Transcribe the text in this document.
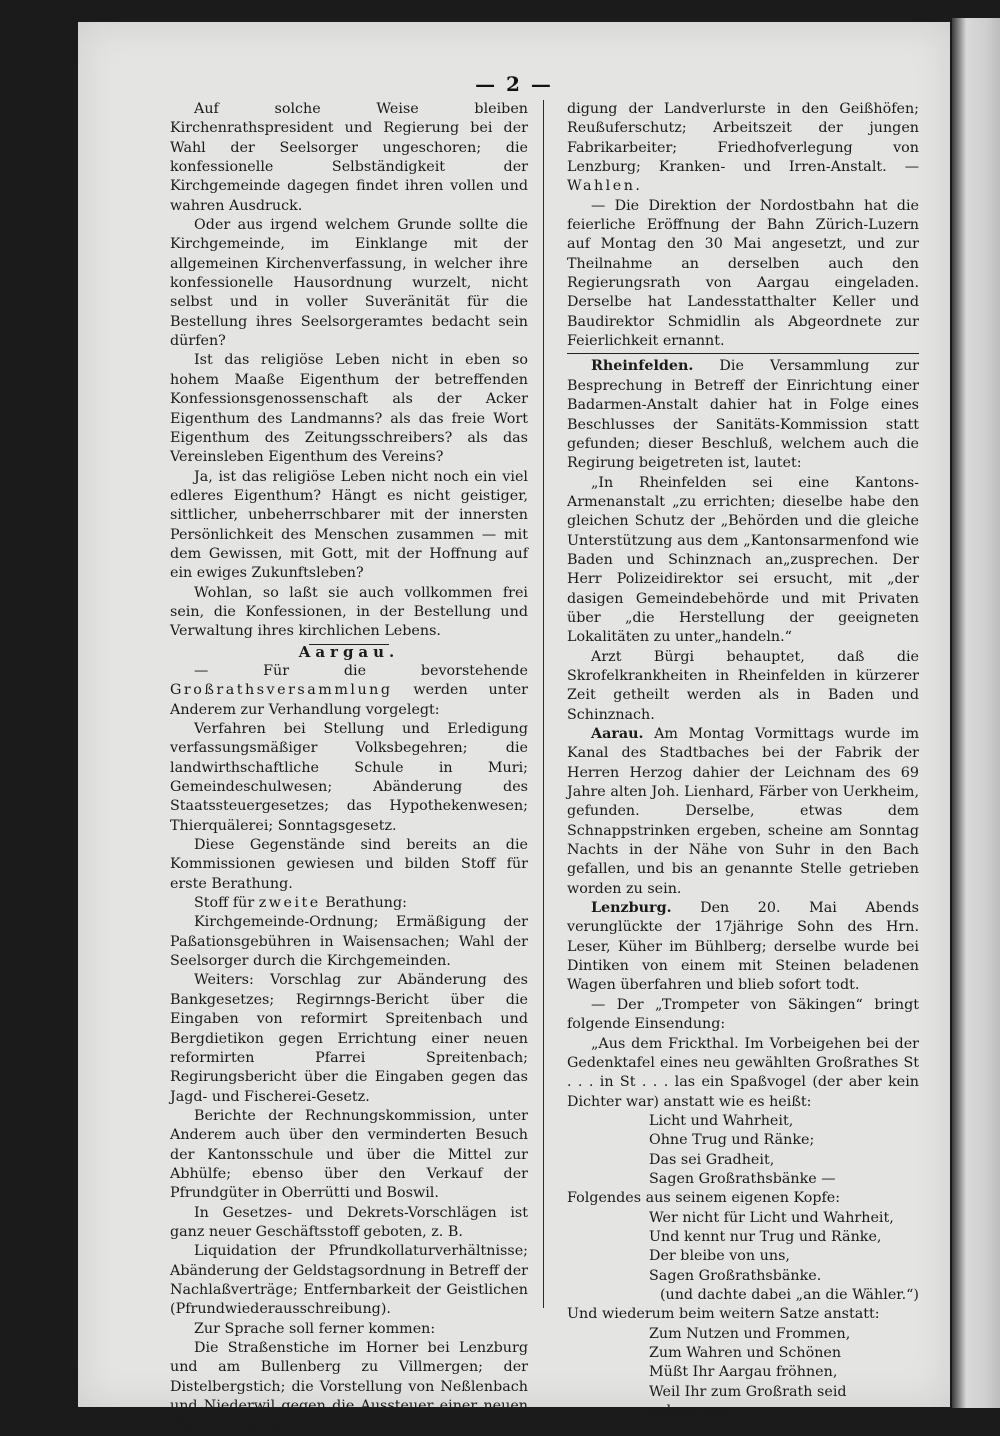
— 2 —

Auf solche Weise bleiben Kirchenrathspresident und Regierung bei der Wahl der Seelsorger ungeschoren; die konfessionelle Selbständigkeit der Kirchgemeinde dagegen findet ihren vollen und wahren Ausdruck.

Oder aus irgend welchem Grunde sollte die Kirchgemeinde, im Einklange mit der allgemeinen Kirchenverfassung, in welcher ihre konfessionelle Hausordnung wurzelt, nicht selbst und in voller Suveränität für die Bestellung ihres Seelsorgeramtes bedacht sein dürfen?

Ist das religiöse Leben nicht in eben so hohem Maaße Eigenthum der betreffenden Konfessionsgenossenschaft als der Acker Eigenthum des Landmanns? als das freie Wort Eigenthum des Zeitungsschreibers? als das Vereinsleben Eigenthum des Vereins?

Ja, ist das religiöse Leben nicht noch ein viel edleres Eigenthum? Hängt es nicht geistiger, sittlicher, unbeherrschbarer mit der innersten Persönlichkeit des Menschen zusammen — mit dem Gewissen, mit Gott, mit der Hoffnung auf ein ewiges Zukunftsleben?

Wohlan, so laßt sie auch vollkommen frei sein, die Konfessionen, in der Bestellung und Verwaltung ihres kirchlichen Lebens.

Aargau.

— Für die bevorstehende Großrathsversammlung werden unter Anderem zur Verhandlung vorgelegt:

Verfahren bei Stellung und Erledigung verfassungsmäßiger Volksbegehren; die landwirthschaftliche Schule in Muri; Gemeindeschulwesen; Abänderung des Staatssteuergesetzes; das Hypothekenwesen; Thierquälerei; Sonntagsgesetz.

Diese Gegenstände sind bereits an die Kommissionen gewiesen und bilden Stoff für erste Berathung.

Stoff für zweite Berathung:

Kirchgemeinde-Ordnung; Ermäßigung der Paßationsgebühren in Waisensachen; Wahl der Seelsorger durch die Kirchgemeinden.

Weiters: Vorschlag zur Abänderung des Bankgesetzes; Regirnngs-Bericht über die Eingaben von reformirt Spreitenbach und Bergdietikon gegen Errichtung einer neuen reformirten Pfarrei Spreitenbach; Regirungsbericht über die Eingaben gegen das Jagd- und Fischerei-Gesetz.

Berichte der Rechnungskommission, unter Anderem auch über den verminderten Besuch der Kantonsschule und über die Mittel zur Abhülfe; ebenso über den Verkauf der Pfrundgüter in Oberrütti und Boswil.

In Gesetzes- und Dekrets-Vorschlägen ist ganz neuer Geschäftsstoff geboten, z. B.

Liquidation der Pfrundkollaturverhältnisse; Abänderung der Geldstagsordnung in Betreff der Nachlaßverträge; Entfernbarkeit der Geistlichen (Pfrundwiederausschreibung).

Zur Sprache soll ferner kommen:

Die Straßenstiche im Horner bei Lenzburg und am Bullenberg zu Villmergen; der Distelbergstich; die Vorstellung von Neßlenbach und Niederwil gegen die Aussteuer einer neuen Pfarrei Tägerig; Entschä-

digung der Landverlurste in den Geißhöfen; Reußuferschutz; Arbeitszeit der jungen Fabrikarbeiter; Friedhofverlegung von Lenzburg; Kranken- und Irren-Anstalt. — Wahlen.

— Die Direktion der Nordostbahn hat die feierliche Eröffnung der Bahn Zürich-Luzern auf Montag den 30 Mai angesetzt, und zur Theilnahme an derselben auch den Regierungsrath von Aargau eingeladen. Derselbe hat Landesstatthalter Keller und Baudirektor Schmidlin als Abgeordnete zur Feierlichkeit ernannt.

Rheinfelden. Die Versammlung zur Besprechung in Betreff der Einrichtung einer Badarmen-Anstalt dahier hat in Folge eines Beschlusses der Sanitäts-Kommission statt gefunden; dieser Beschluß, welchem auch die Regirung beigetreten ist, lautet:

„In Rheinfelden sei eine Kantons-Armenanstalt „zu errichten; dieselbe habe den gleichen Schutz der „Behörden und die gleiche Unterstützung aus dem „Kantonsarmenfond wie Baden und Schinznach an„zusprechen. Der Herr Polizeidirektor sei ersucht, mit „der dasigen Gemeindebehörde und mit Privaten über „die Herstellung der geeigneten Lokalitäten zu unter„handeln.“

Arzt Bürgi behauptet, daß die Skrofelkrankheiten in Rheinfelden in kürzerer Zeit getheilt werden als in Baden und Schinznach.

Aarau. Am Montag Vormittags wurde im Kanal des Stadtbaches bei der Fabrik der Herren Herzog dahier der Leichnam des 69 Jahre alten Joh. Lienhard, Färber von Uerkheim, gefunden. Derselbe, etwas dem Schnappstrinken ergeben, scheine am Sonntag Nachts in der Nähe von Suhr in den Bach gefallen, und bis an genannte Stelle getrieben worden zu sein.

Lenzburg. Den 20. Mai Abends verunglückte der 17jährige Sohn des Hrn. Leser, Küher im Bühlberg; derselbe wurde bei Dintiken von einem mit Steinen beladenen Wagen überfahren und blieb sofort todt.

— Der „Trompeter von Säkingen“ bringt folgende Einsendung:

„Aus dem Frickthal. Im Vorbeigehen bei der Gedenktafel eines neu gewählten Großrathes St . . . in St . . . las ein Spaßvogel (der aber kein Dichter war) anstatt wie es heißt:

Licht und Wahrheit,

Ohne Trug und Ränke;

Das sei Gradheit,

Sagen Großrathsbänke —

Folgendes aus seinem eigenen Kopfe:

Wer nicht für Licht und Wahrheit,

Und kennt nur Trug und Ränke,

Der bleibe von uns,

Sagen Großrathsbänke.

(und dachte dabei „an die Wähler.“)

Und wiederum beim weitern Satze anstatt:

Zum Nutzen und Frommen,

Zum Wahren und Schönen

Müßt Ihr Aargau fröhnen,

Weil Ihr zum Großrath seid gekommen —
